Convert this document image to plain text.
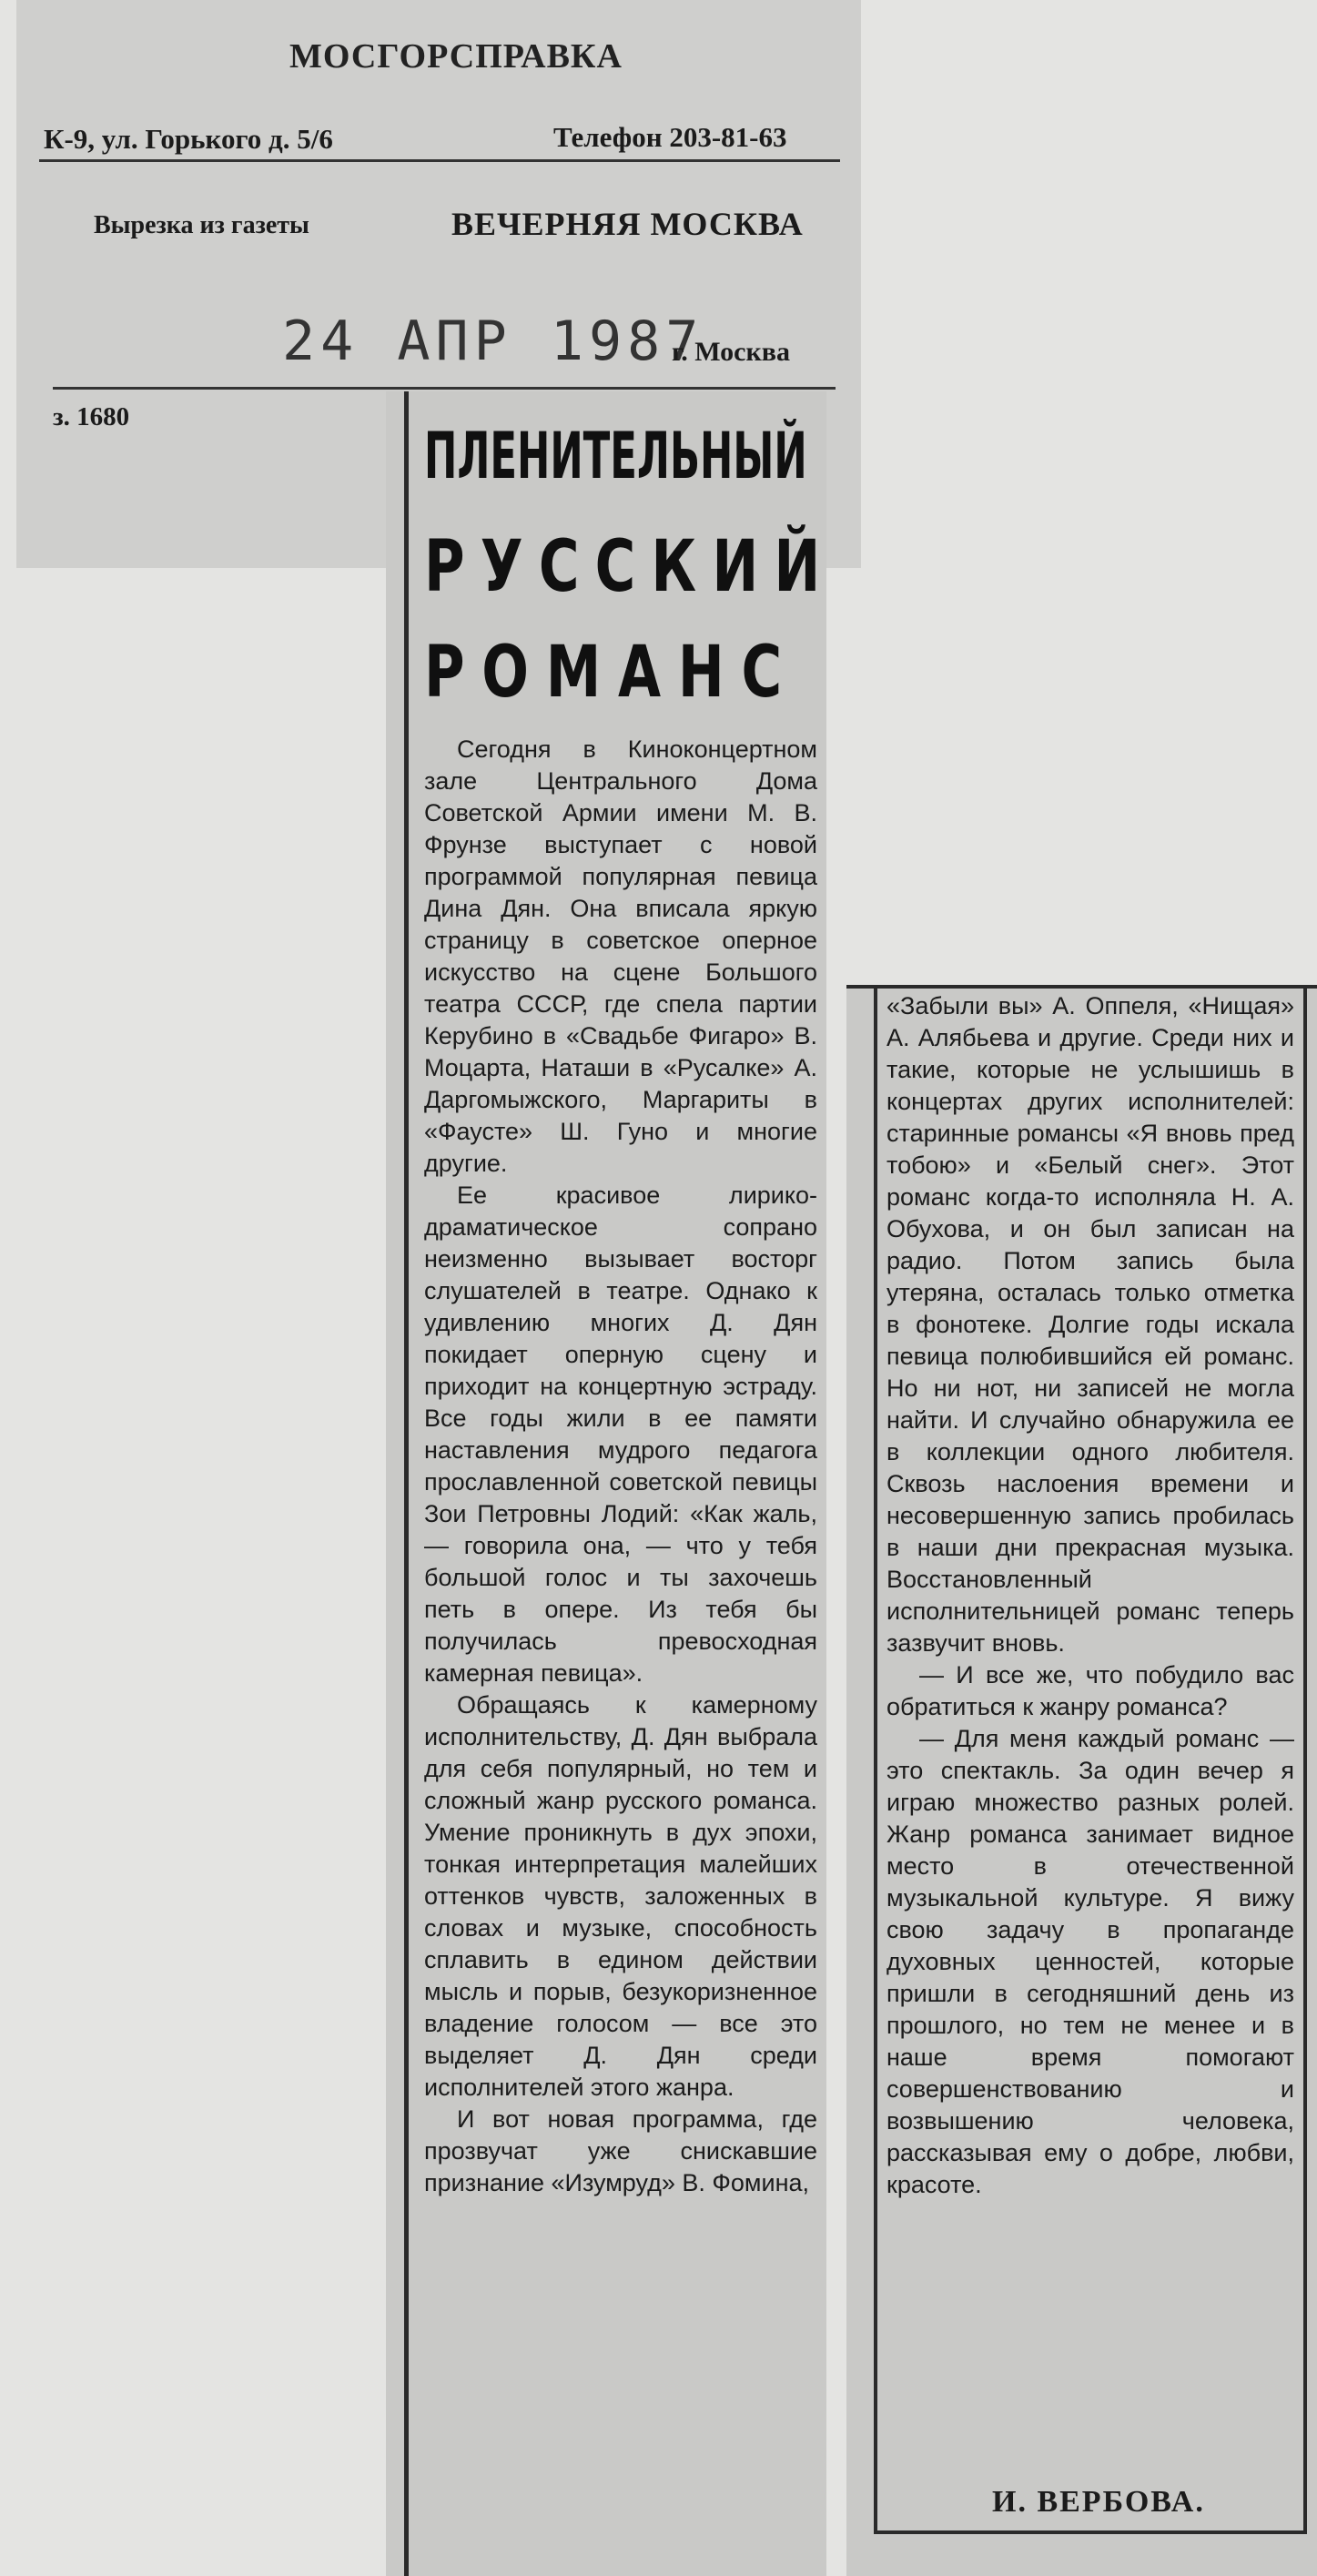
МОСГОРСПРАВКА
К-9, ул. Горького д. 5/6	Телефон 203-81-63
Вырезка из газеты	ВЕЧЕРНЯЯ МОСКВА
24 АПР 1987
г. Москва
з. 1680
ПЛЕНИТЕЛЬНЫЙ
РУССКИЙ
РОМАНС

Сегодня в Киноконцертном зале Центрального Дома Советской Армии имени М. В. Фрунзе выступает с новой программой популярная певица Дина Дян. Она вписала яркую страницу в советское оперное искусство на сцене Большого театра СССР, где спела партии Керубино в «Свадьбе Фигаро» В. Моцарта, Наташи в «Русалке» А. Даргомыжского, Маргариты в «Фаусте» Ш. Гуно и многие другие.

Ее красивое лирико-драматическое сопрано неизменно вызывает восторг слушателей в театре. Однако к удивлению многих Д. Дян покидает оперную сцену и приходит на концертную эстраду. Все годы жили в ее памяти наставления мудрого педагога прославленной советской певицы Зои Петровны Лодий: «Как жаль, — говорила она, — что у тебя большой голос и ты захочешь петь в опере. Из тебя бы получилась превосходная камерная певица».

Обращаясь к камерному исполнительству, Д. Дян выбрала для себя популярный, но тем и сложный жанр русского романса. Умение проникнуть в дух эпохи, тонкая интерпретация малейших оттенков чувств, заложенных в словах и музыке, способность сплавить в едином действии мысль и порыв, безукоризненное владение голосом — все это выделяет Д. Дян среди исполнителей этого жанра.

И вот новая программа, где прозвучат уже снискавшие признание «Изумруд» В. Фомина,

«Забыли вы» А. Оппеля, «Нищая» А. Алябьева и другие. Среди них и такие, которые не услышишь в концертах других исполнителей: старинные романсы «Я вновь пред тобою» и «Белый снег». Этот романс когда-то исполняла Н. А. Обухова, и он был записан на радио. Потом запись была утеряна, осталась только отметка в фонотеке. Долгие годы искала певица полюбившийся ей романс. Но ни нот, ни записей не могла найти. И случайно обнаружила ее в коллекции одного любителя. Сквозь наслоения времени и несовершенную запись пробилась в наши дни прекрасная музыка. Восстановленный исполнительницей романс теперь зазвучит вновь.

— И все же, что побудило вас обратиться к жанру романса?

— Для меня каждый романс — это спектакль. За один вечер я играю множество разных ролей. Жанр романса занимает видное место в отечественной музыкальной культуре. Я вижу свою задачу в пропаганде духовных ценностей, которые пришли в сегодняшний день из прошлого, но тем не менее и в наше время помогают совершенствованию и возвышению человека, рассказывая ему о добре, любви, красоте.

И. ВЕРБОВА.
